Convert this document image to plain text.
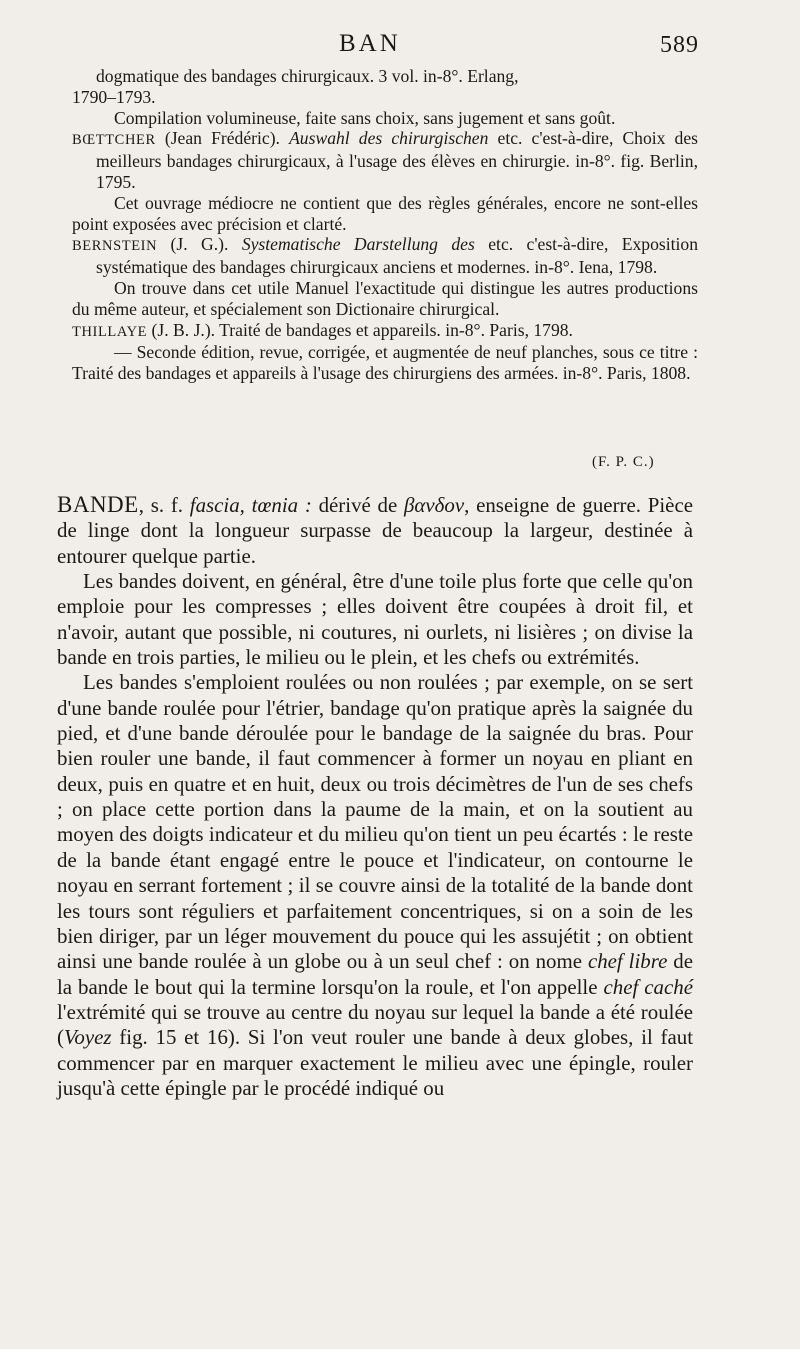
BAN	589

dogmatique des bandages chirurgicaux. 3 vol. in-8°. Erlang,
1790–1793.

Compilation volumineuse, faite sans choix, sans jugement et sans goût.

BŒTTCHER (Jean Frédéric). Auswahl des chirurgischen etc. c'est-à-dire, Choix des meilleurs bandages chirurgicaux, à l'usage des élèves en chirurgie. in-8°. fig. Berlin, 1795.

Cet ouvrage médiocre ne contient que des règles générales, encore ne sont-elles point exposées avec précision et clarté.

BERNSTEIN (J. G.). Systematische Darstellung des etc. c'est-à-dire, Exposition systématique des bandages chirurgicaux anciens et modernes. in-8°. Iena, 1798.

On trouve dans cet utile Manuel l'exactitude qui distingue les autres productions du même auteur, et spécialement son Dictionaire chirurgical.

THILLAYE (J. B. J.). Traité de bandages et appareils. in-8°. Paris, 1798.

— Seconde édition, revue, corrigée, et augmentée de neuf planches, sous ce titre : Traité des bandages et appareils à l'usage des chirurgiens des armées. in-8°. Paris, 1808.

(F. P. C.)

BANDE, s. f. fascia, tœnia : dérivé de βανδον, enseigne de guerre. Pièce de linge dont la longueur surpasse de beaucoup la largeur, destinée à entourer quelque partie.

Les bandes doivent, en général, être d'une toile plus forte que celle qu'on emploie pour les compresses ; elles doivent être coupées à droit fil, et n'avoir, autant que possible, ni coutures, ni ourlets, ni lisières ; on divise la bande en trois parties, le milieu ou le plein, et les chefs ou extrémités.

Les bandes s'emploient roulées ou non roulées ; par exemple, on se sert d'une bande roulée pour l'étrier, bandage qu'on pratique après la saignée du pied, et d'une bande déroulée pour le bandage de la saignée du bras. Pour bien rouler une bande, il faut commencer à former un noyau en pliant en deux, puis en quatre et en huit, deux ou trois décimètres de l'un de ses chefs ; on place cette portion dans la paume de la main, et on la soutient au moyen des doigts indicateur et du milieu qu'on tient un peu écartés : le reste de la bande étant engagé entre le pouce et l'indicateur, on contourne le noyau en serrant fortement ; il se couvre ainsi de la totalité de la bande dont les tours sont réguliers et parfaitement concentriques, si on a soin de les bien diriger, par un léger mouvement du pouce qui les assujétit ; on obtient ainsi une bande roulée à un globe ou à un seul chef : on nome chef libre de la bande le bout qui la termine lorsqu'on la roule, et l'on appelle chef caché l'extrémité qui se trouve au centre du noyau sur lequel la bande a été roulée (Voyez fig. 15 et 16). Si l'on veut rouler une bande à deux globes, il faut commencer par en marquer exactement le milieu avec une épingle, rouler jusqu'à cette épingle par le procédé indiqué ou
